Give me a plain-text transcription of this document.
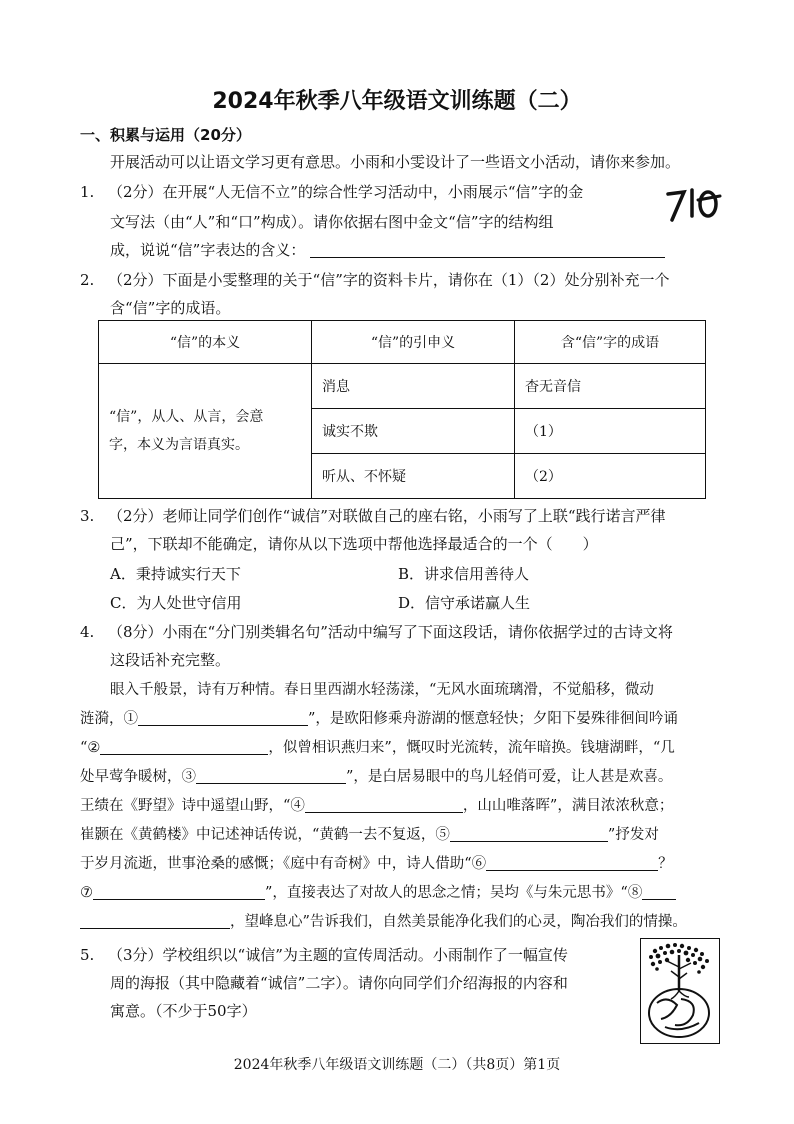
2024年秋季八年级语文训练题（二）
一、积累与运用（20分）
开展活动可以让语文学习更有意思。小雨和小雯设计了一些语文小活动，请你来参加。
1. （2分）在开展“人无信不立”的综合性学习活动中，小雨展示“信”字的金
文写法（由“人”和“口”构成）。请你依据右图中金文“信”字的结构组
成，说说“信”字表达的含义：
2. （2分）下面是小雯整理的关于“信”字的资料卡片，请你在（1）（2）处分别补充一个
含“信”字的成语。
“信”的本义	“信”的引申义	含“信”字的成语

“信”，从人、从言，会意
字，本义为言语真实。	消息	杳无音信
	诚实不欺	（1）
	听从、不怀疑	（2）
3. （2分）老师让同学们创作“诚信”对联做自己的座右铭，小雨写了上联“践行诺言严律
己”，下联却不能确定，请你从以下选项中帮他选择最适合的一个（　　）
A．秉持诚实行天下	B．讲求信用善待人
C．为人处世守信用	D．信守承诺赢人生
4. （8分）小雨在“分门别类辑名句”活动中编写了下面这段话，请你依据学过的古诗文将
这段话补充完整。
眼入千般景，诗有万种情。春日里西湖水轻荡漾，“无风水面琉璃滑，不觉船移，微动
涟漪，①	”，是欧阳修乘舟游湖的惬意轻快；夕阳下晏殊徘徊间吟诵
“②	，似曾相识燕归来”，慨叹时光流转，流年暗换。钱塘湖畔，“几
处早莺争暖树，③	”，是白居易眼中的鸟儿轻俏可爱，让人甚是欢喜。
王绩在《野望》诗中遥望山野，“④	，山山唯落晖”，满目浓浓秋意；
崔颢在《黄鹤楼》中记述神话传说，“黄鹤一去不复返，⑤	”抒发对
于岁月流逝，世事沧桑的感慨；《庭中有奇树》中，诗人借助“⑥	？
⑦	”，直接表达了对故人的思念之情；吴均《与朱元思书》“⑧
，望峰息心”告诉我们，自然美景能净化我们的心灵，陶冶我们的情操。
5. （3分）学校组织以“诚信”为主题的宣传周活动。小雨制作了一幅宣传
周的海报（其中隐藏着“诚信”二字）。请你向同学们介绍海报的内容和
寓意。（不少于50字）
2024年秋季八年级语文训练题（二）（共8页）第1页
